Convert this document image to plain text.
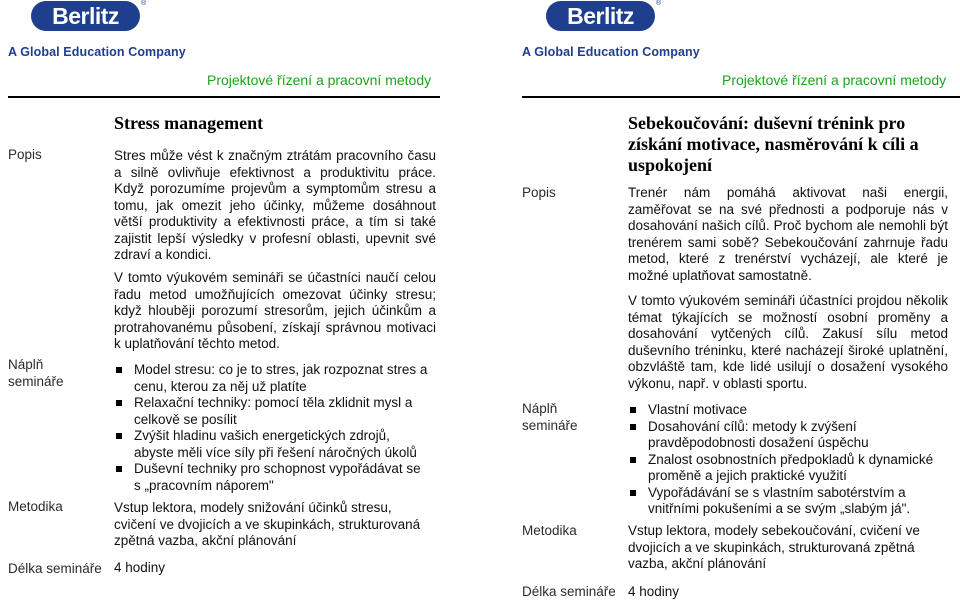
Berlitz	®
A Global Education Company
Projektové řízení a pracovní metody
Stress management
Popis	Stres může vést k značným ztrátám pracovního času a silně ovlivňuje efektivnost a produktivitu práce. Když porozumíme projevům a symptomům stresu a tomu, jak omezit jeho účinky, můžeme dosáhnout větší produktivity a efektivnosti práce, a tím si také zajistit lepší výsledky v profesní oblasti, upevnit své zdraví a kondici.
V tomto výukovém semináři se účastníci naučí celou řadu metod umožňujících omezovat účinky stresu; když hlouběji porozumí stresorům, jejich účinkům a protrahovanému působení, získají správnou motivaci k uplatňování těchto metod.
Náplň semináře
Model stresu: co je to stres, jak rozpoznat stres a cenu, kterou za něj už platíte
Relaxační techniky: pomocí těla zklidnit mysl a celkově se posílit
Zvýšit hladinu vašich energetických zdrojů, abyste měli více síly při řešení náročných úkolů
Duševní techniky pro schopnost vypořádávat se s „pracovním náporem"
Metodika	Vstup lektora, modely snižování účinků stresu, cvičení ve dvojicích a ve skupinkách, strukturovaná zpětná vazba, akční plánování
Délka semináře 4 hodiny
Berlitz	®
A Global Education Company
Projektové řízení a pracovní metody
Sebekoučování: duševní trénink pro získání motivace, nasměrování k cíli a uspokojení
Popis	Trenér nám pomáhá aktivovat naši energii, zaměřovat se na své přednosti a podporuje nás v dosahování našich cílů. Proč bychom ale nemohli být trenérem sami sobě? Sebekoučování zahrnuje řadu metod, které z trenérství vycházejí, ale které je možné uplatňovat samostatně.
V tomto výukovém semináři účastníci projdou několik témat týkajících se možností osobní proměny a dosahování vytčených cílů. Zakusí sílu metod duševního tréninku, které nacházejí široké uplatnění, obzvláště tam, kde lidé usilují o dosažení vysokého výkonu, např. v oblasti sportu.
Náplň semináře
Vlastní motivace
Dosahování cílů: metody k zvýšení pravděpodobnosti dosažení úspěchu
Znalost osobnostních předpokladů k dynamické proměně a jejich praktické využití
Vypořádávání se s vlastním sabotérstvím a vnitřními pokušeními a se svým „slabým já".
Metodika	Vstup lektora, modely sebekoučování, cvičení ve dvojicích a ve skupinkách, strukturovaná zpětná vazba, akční plánování
Délka semináře 4 hodiny
